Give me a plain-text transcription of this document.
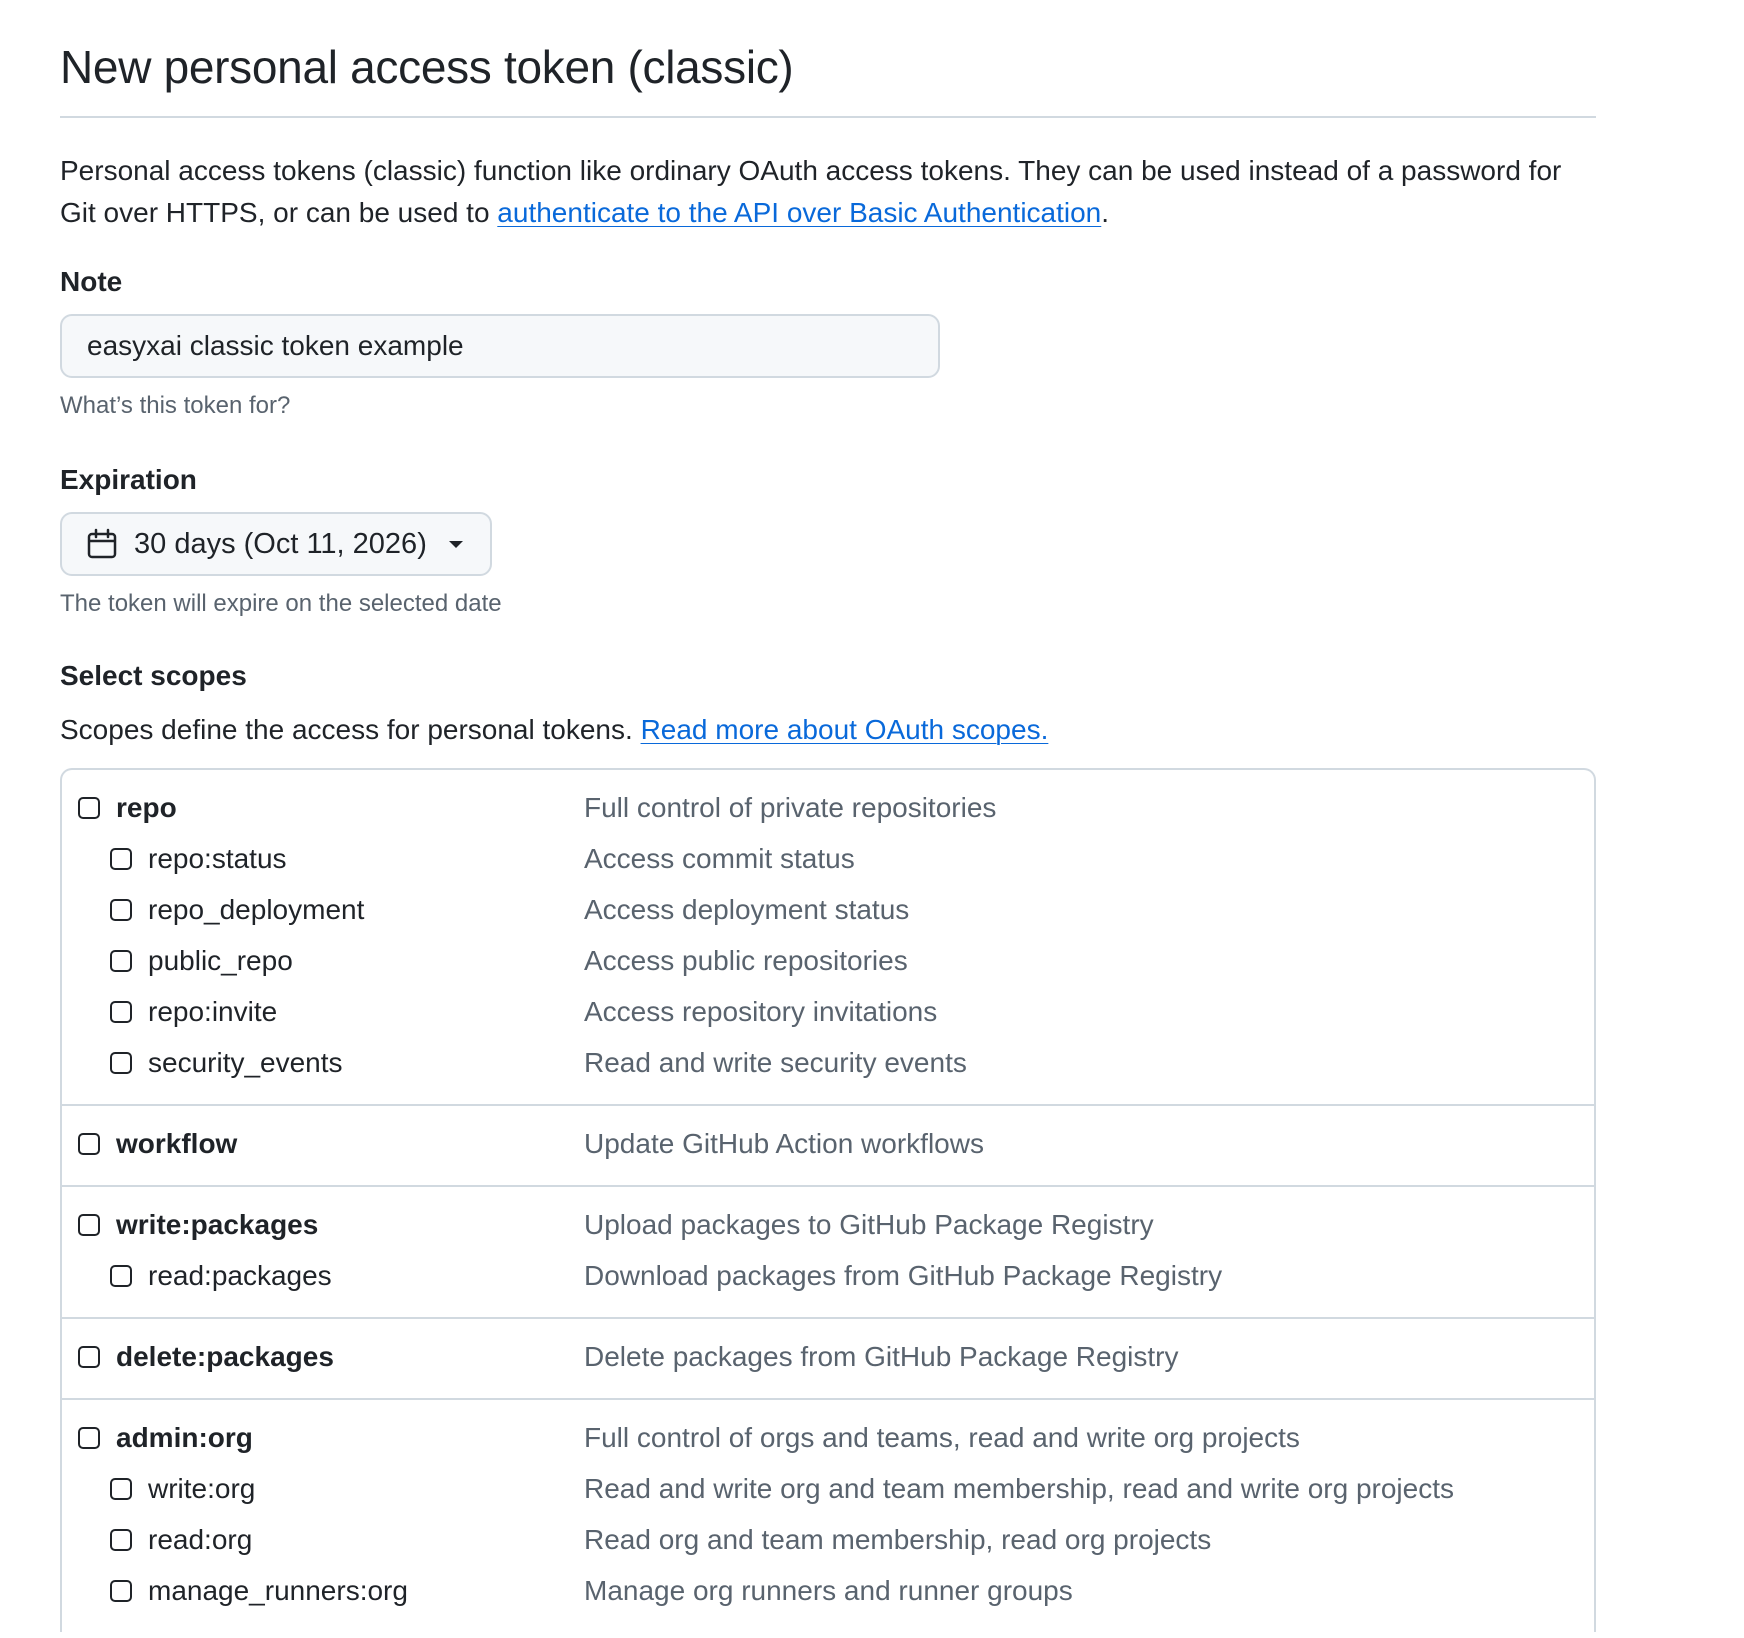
New personal access token (classic)
Personal access tokens (classic) function like ordinary OAuth access tokens. They can be used instead of a password for Git over HTTPS, or can be used to authenticate to the API over Basic Authentication.
Note
easyxai classic token example
What’s this token for?
Expiration
30 days (Oct 11, 2026)
The token will expire on the selected date
Select scopes
Scopes define the access for personal tokens. Read more about OAuth scopes.
repo	Full control of private repositories
repo:status	Access commit status
repo_deployment	Access deployment status
public_repo	Access public repositories
repo:invite	Access repository invitations
security_events	Read and write security events
workflow	Update GitHub Action workflows
write:packages	Upload packages to GitHub Package Registry
read:packages	Download packages from GitHub Package Registry
delete:packages	Delete packages from GitHub Package Registry
admin:org	Full control of orgs and teams, read and write org projects
write:org	Read and write org and team membership, read and write org projects
read:org	Read org and team membership, read org projects
manage_runners:org	Manage org runners and runner groups
